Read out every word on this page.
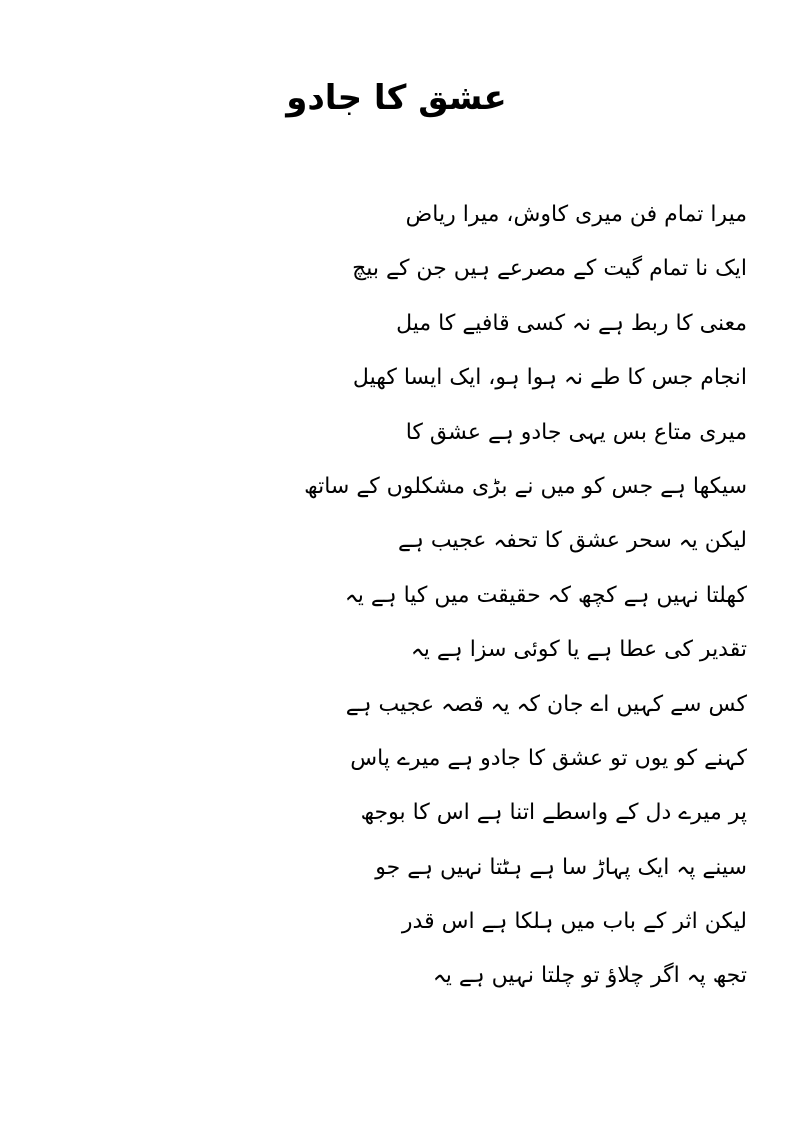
عشق کا جادو
میرا تمام فن میری کاوش، میرا ریاض
ایک نا تمام گیت کے مصرعے ہیں جن کے بیچ
معنی کا ربط ہے نہ کسی قافیے کا میل
انجام جس کا طے نہ ہوا ہو، ایک ایسا کھیل
میری متاع بس یہی جادو ہے عشق کا
سیکھا ہے جس کو میں نے بڑی مشکلوں کے ساتھ
لیکن یہ سحر عشق کا تحفہ عجیب ہے
کھلتا نہیں ہے کچھ کہ حقیقت میں کیا ہے یہ
تقدیر کی عطا ہے یا کوئی سزا ہے یہ
کس سے کہیں اے جان کہ یہ قصہ عجیب ہے
کہنے کو یوں تو عشق کا جادو ہے میرے پاس
پر میرے دل کے واسطے اتنا ہے اس کا بوجھ
سینے پہ ایک پہاڑ سا ہے ہٹتا نہیں ہے جو
لیکن اثر کے باب میں ہلکا ہے اس قدر
تجھ پہ اگر چلاؤ تو چلتا نہیں ہے یہ
